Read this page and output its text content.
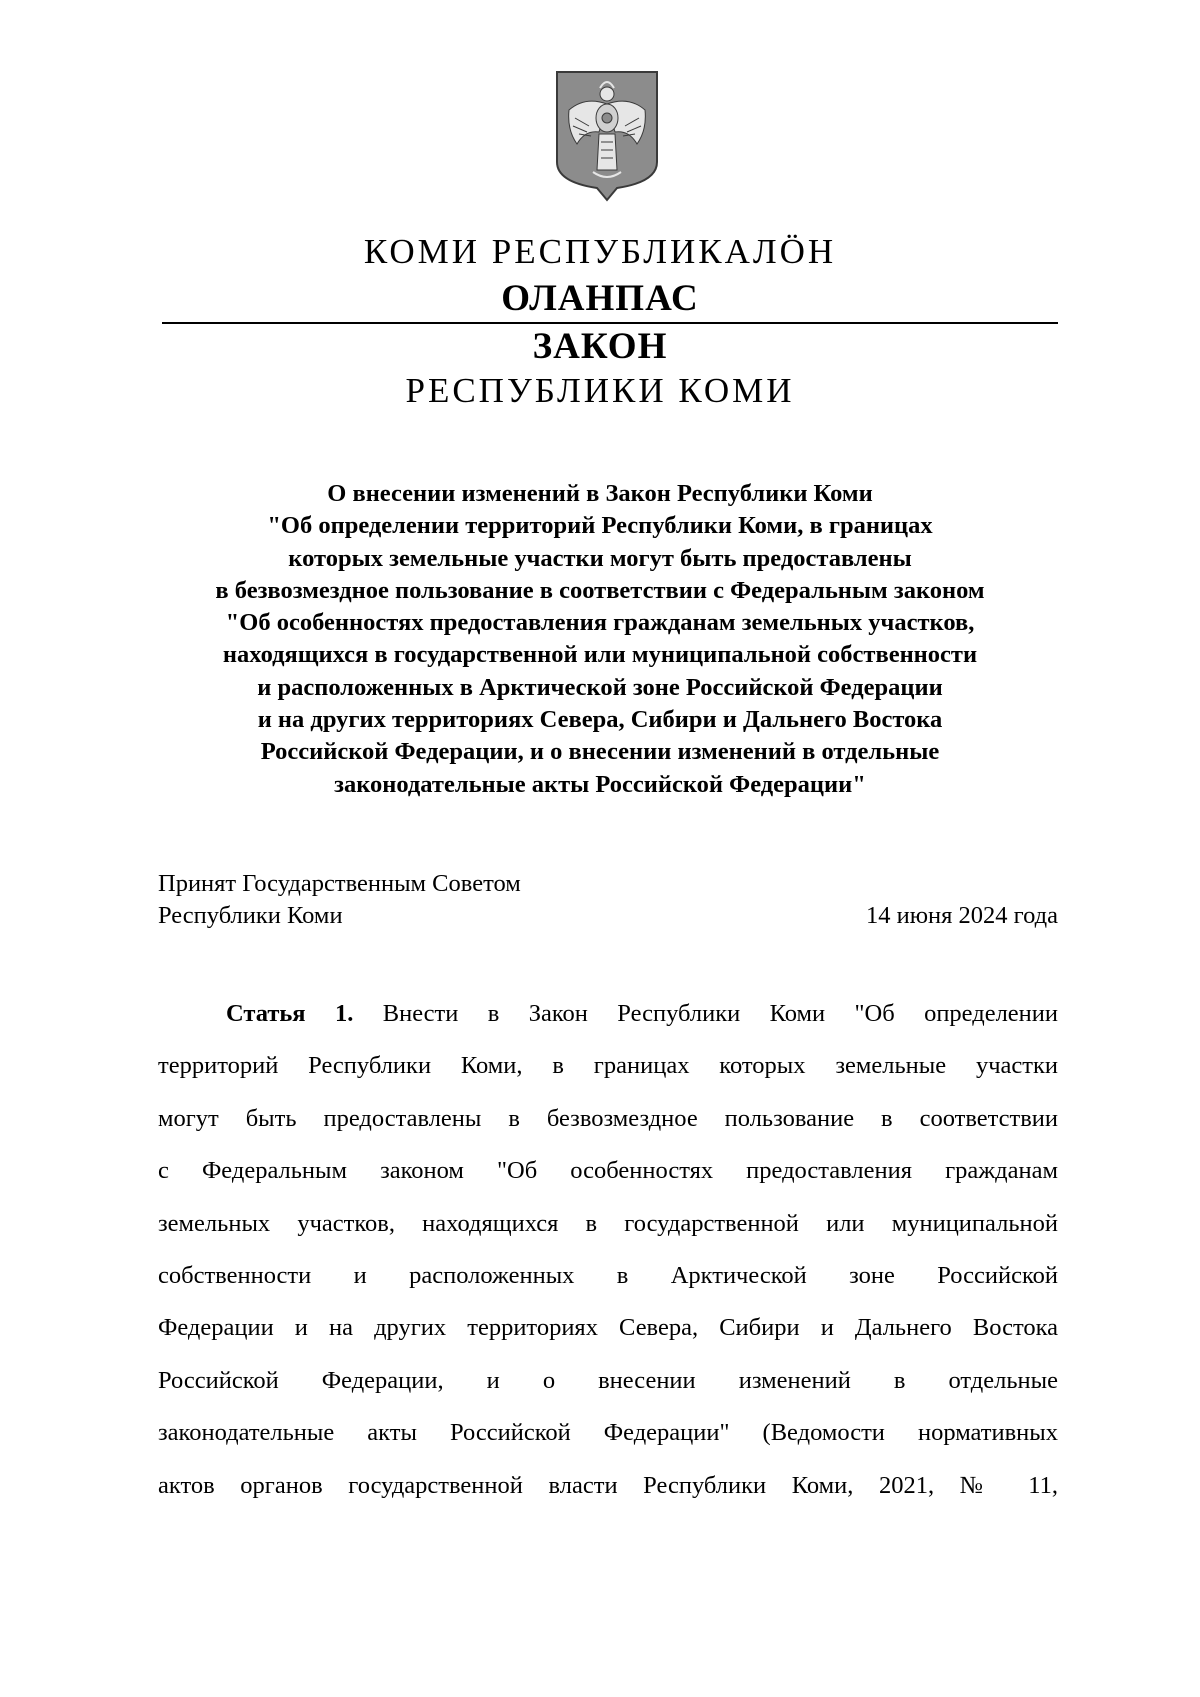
КОМИ РЕСПУБЛИКАЛÖН
ОЛАНПАС
ЗАКОН
РЕСПУБЛИКИ КОМИ
О внесении изменений в Закон Республики Коми
"Об определении территорий Республики Коми, в границах
которых земельные участки могут быть предоставлены
в безвозмездное пользование в соответствии с Федеральным законом
"Об особенностях предоставления гражданам земельных участков,
находящихся в государственной или муниципальной собственности
и расположенных в Арктической зоне Российской Федерации
и на других территориях Севера, Сибири и Дальнего Востока
Российской Федерации, и о внесении изменений в отдельные
законодательные акты Российской Федерации"
Принят Государственным Советом
Республики Коми	14 июня 2024 года
Статья 1. Внести в Закон Республики Коми "Об определении
территорий Республики Коми, в границах которых земельные участки
могут быть предоставлены в безвозмездное пользование в соответствии
с Федеральным законом "Об особенностях предоставления гражданам
земельных участков, находящихся в государственной или муниципальной
собственности и расположенных в Арктической зоне Российской
Федерации и на других территориях Севера, Сибири и Дальнего Востока
Российской Федерации, и о внесении изменений в отдельные
законодательные акты Российской Федерации" (Ведомости нормативных
актов органов государственной власти Республики Коми, 2021, № 11,
